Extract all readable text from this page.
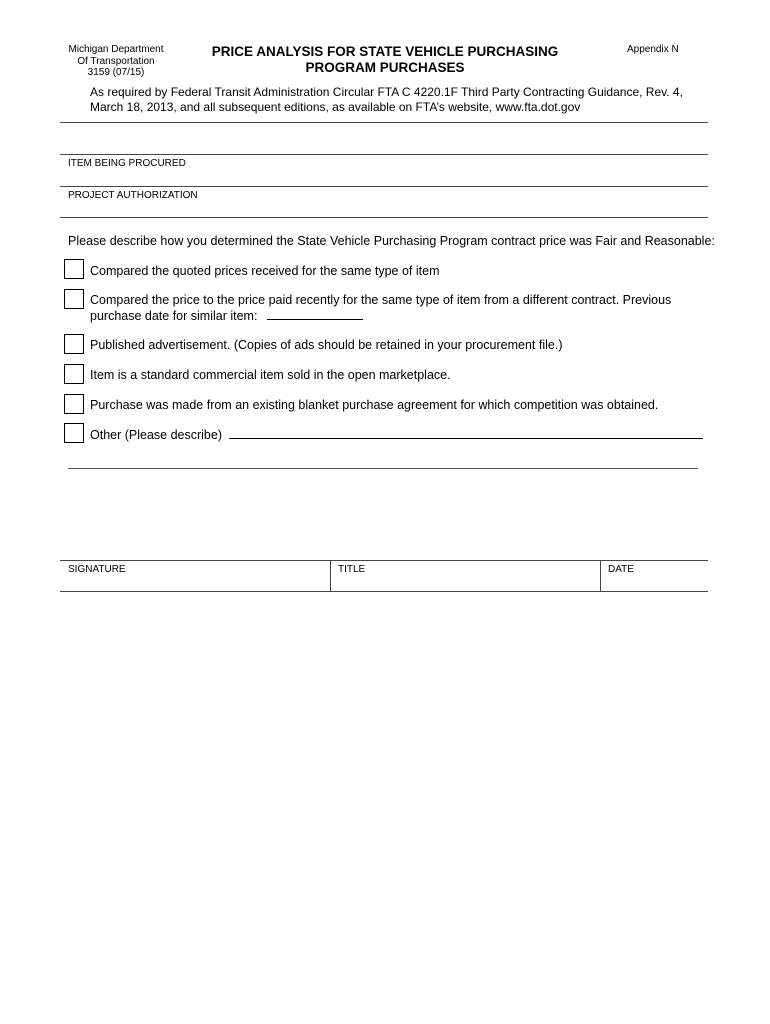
Michigan Department
Of Transportation
3159 (07/15)
PRICE ANALYSIS FOR STATE VEHICLE PURCHASING
PROGRAM PURCHASES
Appendix N
As required by Federal Transit Administration Circular FTA C 4220.1F Third Party Contracting Guidance, Rev. 4,
March 18, 2013, and all subsequent editions, as available on FTA’s website, www.fta.dot.gov
ITEM BEING PROCURED
PROJECT AUTHORIZATION
Please describe how you determined the State Vehicle Purchasing Program contract price was Fair and Reasonable:
Compared the quoted prices received for the same type of item
Compared the price to the price paid recently for the same type of item from a different contract. Previous
purchase date for similar item:
Published advertisement. (Copies of ads should be retained in your procurement file.)
Item is a standard commercial item sold in the open marketplace.
Purchase was made from an existing blanket purchase agreement for which competition was obtained.
Other (Please describe)
SIGNATURE	TITLE	DATE
